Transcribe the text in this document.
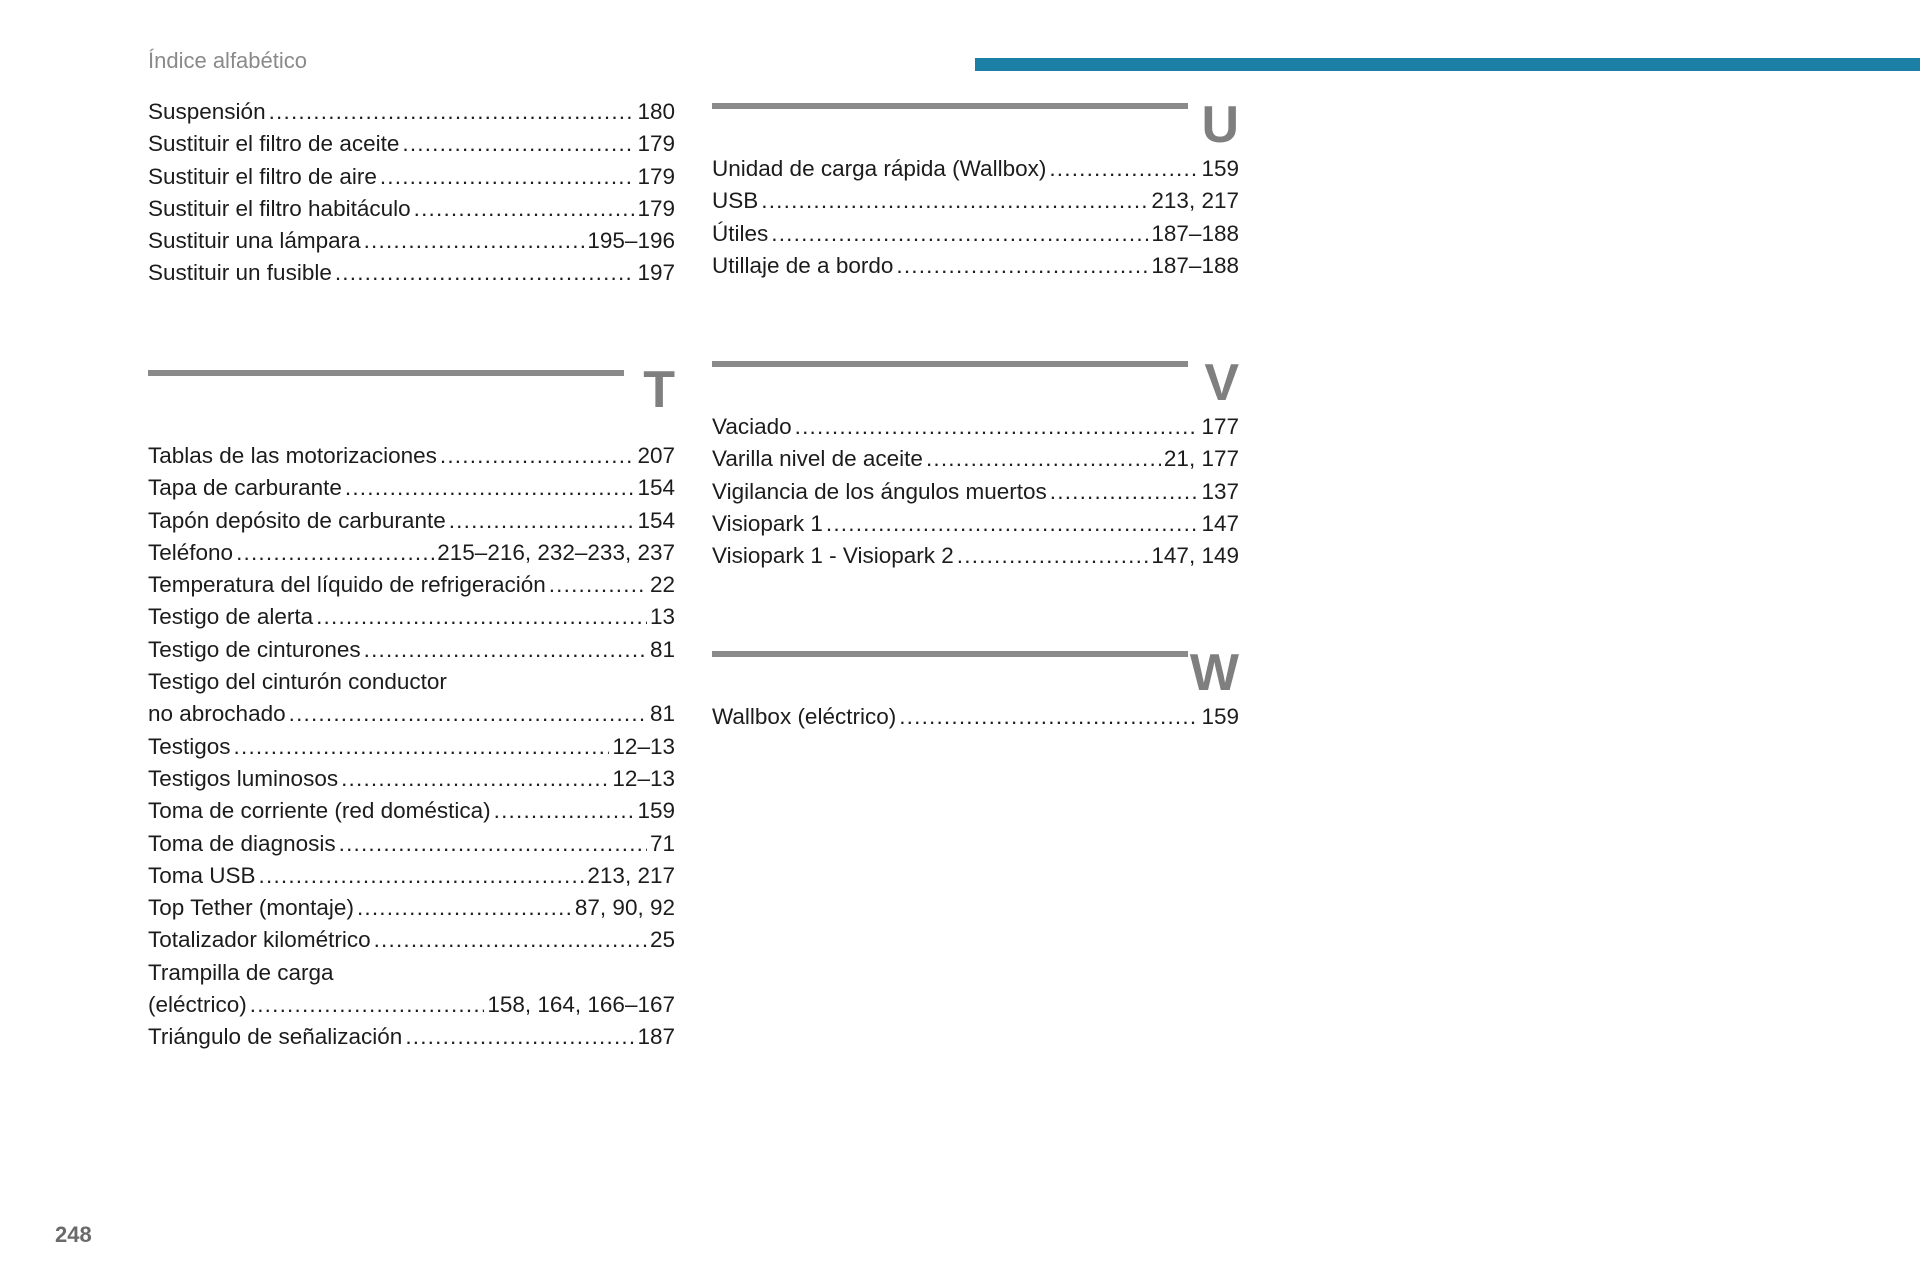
Índice alfabético
Suspensión .....	180
Sustituir el filtro de aceite .....	179
Sustituir el filtro de aire .....	179
Sustituir el filtro habitáculo .....	179
Sustituir una lámpara .....	195–196
Sustituir un fusible .....	197
T
Tablas de las motorizaciones .....	207
Tapa de carburante .....	154
Tapón depósito de carburante .....	154
Teléfono .....	215–216, 232–233, 237
Temperatura del líquido de refrigeración .....	22
Testigo de alerta .....	13
Testigo de cinturones .....	81
Testigo del cinturón conductor
no abrochado .....	81
Testigos .....	12–13
Testigos luminosos .....	12–13
Toma de corriente (red doméstica) .....	159
Toma de diagnosis .....	71
Toma USB .....	213, 217
Top Tether (montaje) .....	87, 90, 92
Totalizador kilométrico .....	25
Trampilla de carga
(eléctrico) .....	158, 164, 166–167
Triángulo de señalización .....	187
U
Unidad de carga rápida (Wallbox) .....	159
USB .....	213, 217
Útiles .....	187–188
Utillaje de a bordo .....	187–188
V
Vaciado .....	177
Varilla nivel de aceite .....	21, 177
Vigilancia de los ángulos muertos .....	137
Visiopark 1 .....	147
Visiopark 1 - Visiopark 2 .....	147, 149
W
Wallbox (eléctrico) .....	159
248
